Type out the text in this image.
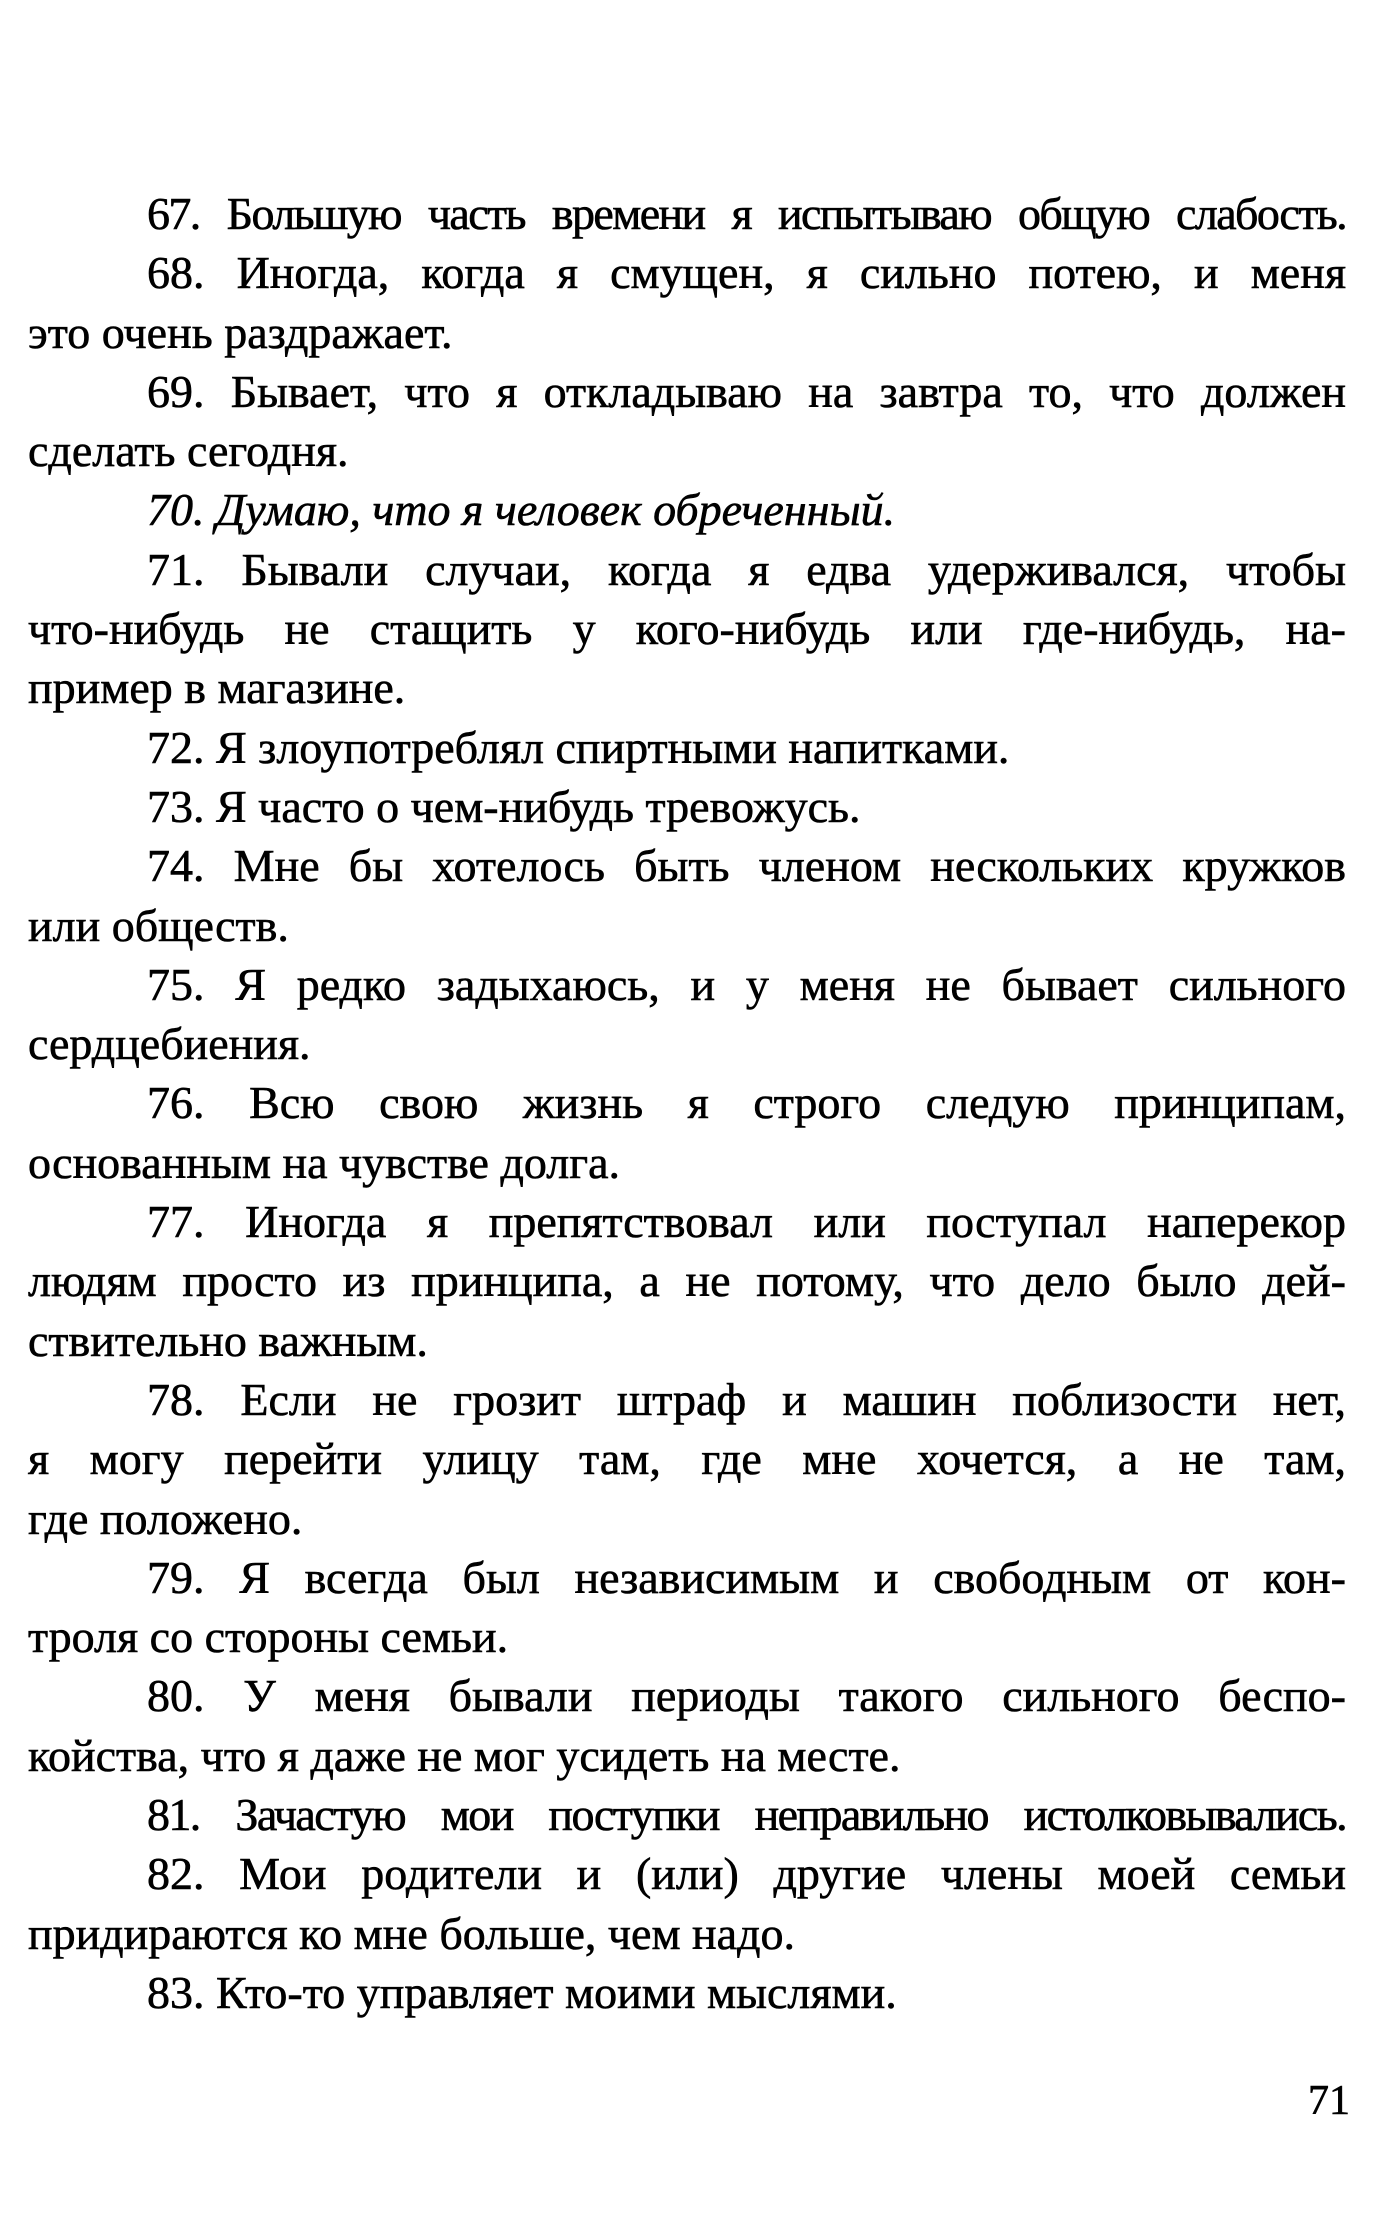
67. Большую часть времени я испытываю общую слабость.
68. Иногда, когда я смущен, я сильно потею, и меня
это очень раздражает.
69. Бывает, что я откладываю на завтра то, что должен
сделать сегодня.
70. Думаю, что я человек обреченный.
71. Бывали случаи, когда я едва удерживался, чтобы
что-нибудь не стащить у кого-нибудь или где-нибудь, на-
пример в магазине.
72. Я злоупотреблял спиртными напитками.
73. Я часто о чем-нибудь тревожусь.
74. Мне бы хотелось быть членом нескольких кружков
или обществ.
75. Я редко задыхаюсь, и у меня не бывает сильного
сердцебиения.
76. Всю свою жизнь я строго следую принципам,
основанным на чувстве долга.
77. Иногда я препятствовал или поступал наперекор
людям просто из принципа, а не потому, что дело было дей-
ствительно важным.
78. Если не грозит штраф и машин поблизости нет,
я могу перейти улицу там, где мне хочется, а не там,
где положено.
79. Я всегда был независимым и свободным от кон-
троля со стороны семьи.
80. У меня бывали периоды такого сильного беспо-
койства, что я даже не мог усидеть на месте.
81. Зачастую мои поступки неправильно истолковывались.
82. Мои родители и (или) другие члены моей семьи
придираются ко мне больше, чем надо.
83. Кто-то управляет моими мыслями.
71
